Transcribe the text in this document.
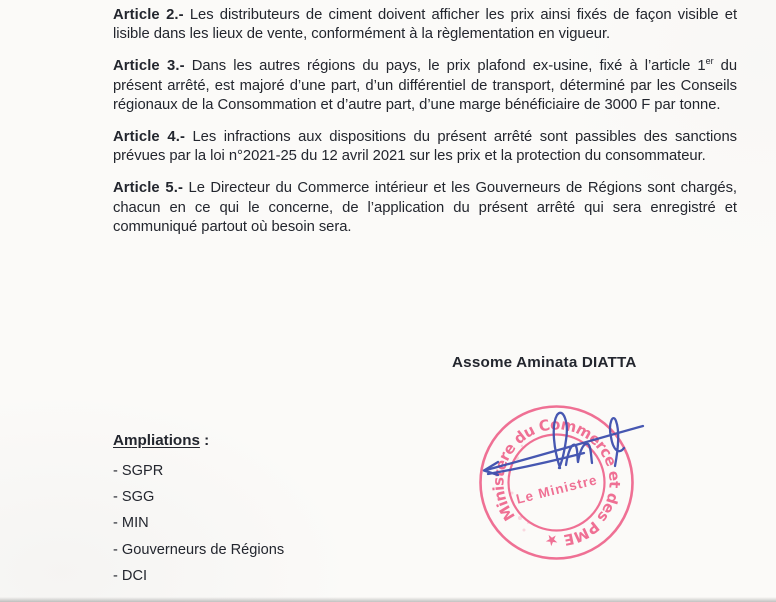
Article 2.- Les distributeurs de ciment doivent afficher les prix ainsi fixés de façon visible et lisible dans les lieux de vente, conformément à la règlementation en vigueur.

Article 3.- Dans les autres régions du pays, le prix plafond ex-usine, fixé à l’article 1er du présent arrêté, est majoré d’une part, d’un différentiel de transport, déterminé par les Conseils régionaux de la Consommation et d’autre part, d’une marge bénéficiaire de 3000 F par tonne.

Article 4.- Les infractions aux dispositions du présent arrêté sont passibles des sanctions prévues par la loi n°2021-25 du 12 avril 2021 sur les prix et la protection du consommateur.

Article 5.- Le Directeur du Commerce intérieur et les Gouverneurs de Régions sont chargés, chacun en ce qui le concerne, de l’application du présent arrêté qui sera enregistré et communiqué partout où besoin sera.

Assome Aminata DIATTA
Ampliations :
- SGPR
- SGG
- MIN
- Gouverneurs de Régions
- DCI
Ministère du Commerce et des PME ★
Le Ministre
